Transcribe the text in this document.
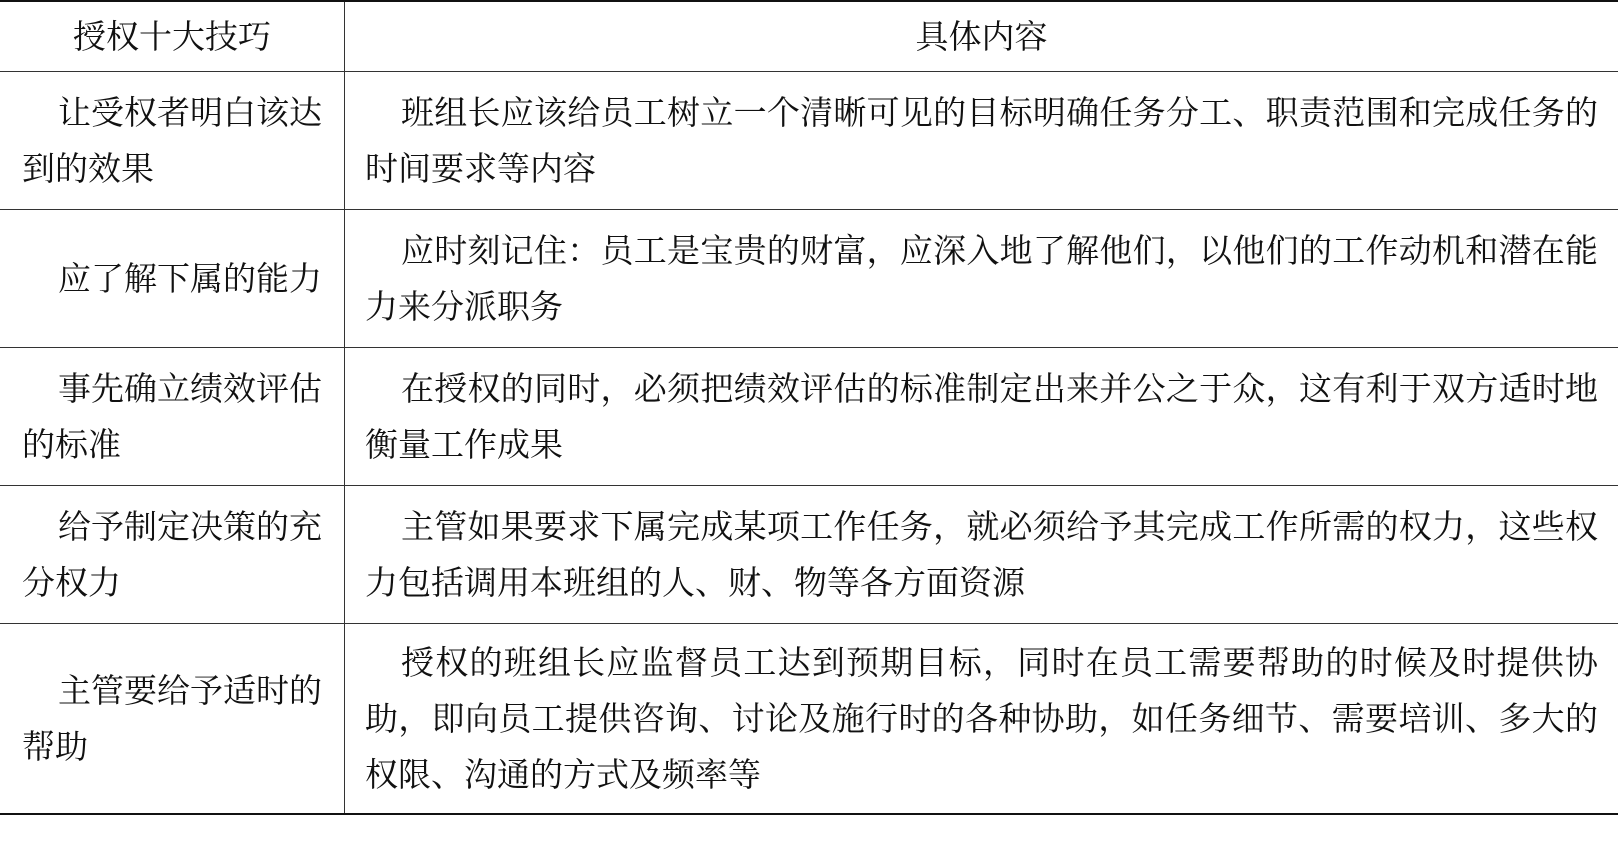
授权十大技巧	具体内容
让受权者明白该达到的效果	班组长应该给员工树立一个清晰可见的目标明确任务分工、职责范围和完成任务的时间要求等内容
应了解下属的能力	应时刻记住：员工是宝贵的财富，应深入地了解他们，以他们的工作动机和潜在能力来分派职务
事先确立绩效评估的标准	在授权的同时，必须把绩效评估的标准制定出来并公之于众，这有利于双方适时地衡量工作成果
给予制定决策的充分权力	主管如果要求下属完成某项工作任务，就必须给予其完成工作所需的权力，这些权力包括调用本班组的人、财、物等各方面资源
主管要给予适时的帮助	授权的班组长应监督员工达到预期目标，同时在员工需要帮助的时候及时提供协助，即向员工提供咨询、讨论及施行时的各种协助，如任务细节、需要培训、多大的权限、沟通的方式及频率等
